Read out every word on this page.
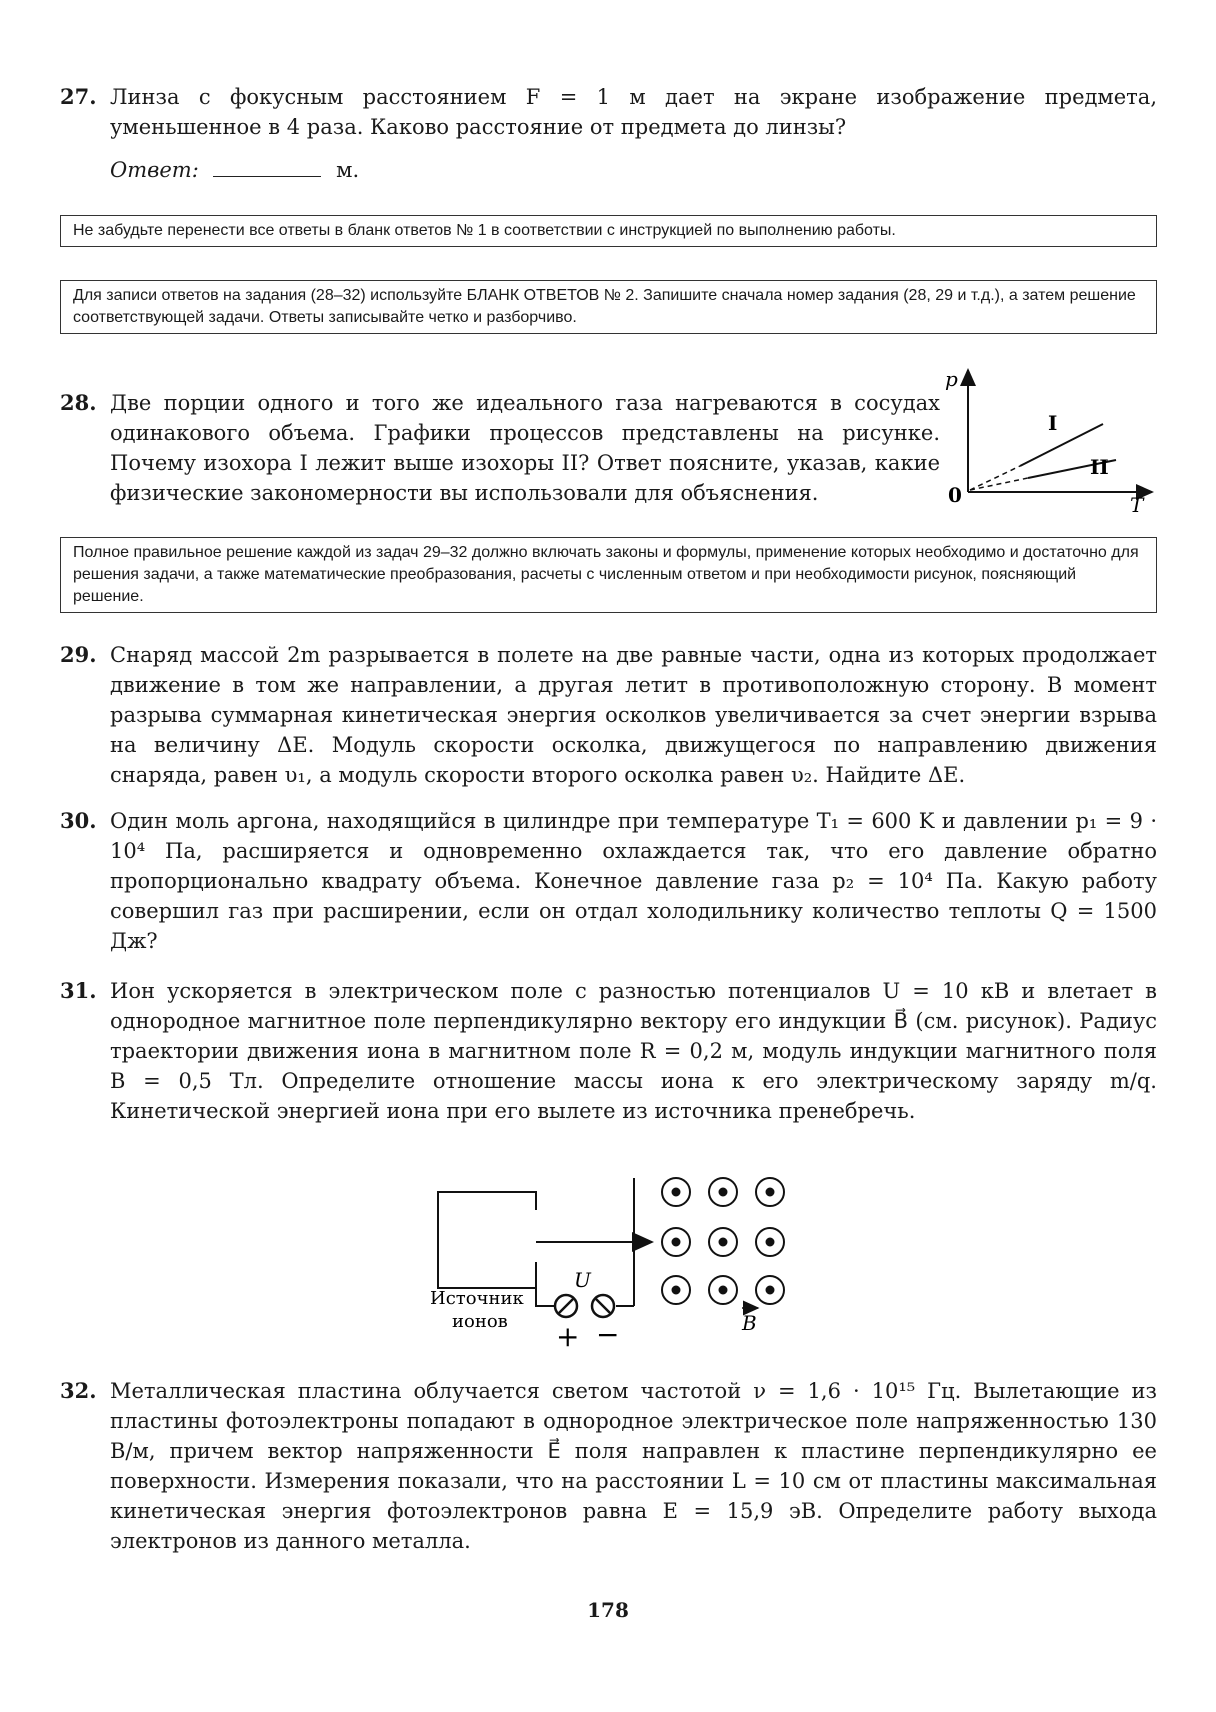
27. Линза с фокусным расстоянием F = 1 м дает на экране изображение предмета, уменьшенное в 4 раза. Каково расстояние от предмета до линзы?

Ответ:	м.
Не забудьте перенести все ответы в бланк ответов № 1 в соответствии с инструкцией по выполнению работы.
Для записи ответов на задания (28–32) используйте БЛАНК ОТВЕТОВ № 2. Запишите сначала номер задания (28, 29 и т.д.), а затем решение соответствующей задачи. Ответы записывайте четко и разборчиво.
28. Две порции одного и того же идеального газа нагреваются в сосудах одинакового объема. Графики процессов представлены на рисунке. Почему изохора I лежит выше изохоры II? Ответ поясните, указав, какие физические закономерности вы использовали для объяснения.

p
T
0
I
II
Полное правильное решение каждой из задач 29–32 должно включать законы и формулы, применение которых необходимо и достаточно для решения задачи, а также математические преобразования, расчеты с численным ответом и при необходимости рисунок, поясняющий решение.
29. Снаряд массой 2m разрывается в полете на две равные части, одна из которых продолжает движение в том же направлении, а другая летит в противоположную сторону. В момент разрыва суммарная кинетическая энергия осколков увеличивается за счет энергии взрыва на величину ΔE. Модуль скорости осколка, движущегося по направлению движения снаряда, равен υ₁, а модуль скорости второго осколка равен υ₂. Найдите ΔE.

30. Один моль аргона, находящийся в цилиндре при температуре T₁ = 600 K и давлении p₁ = 9 · 10⁴ Па, расширяется и одновременно охлаждается так, что его давление обратно пропорционально квадрату объема. Конечное давление газа p₂ = 10⁴ Па. Какую работу совершил газ при расширении, если он отдал холодильнику количество теплоты Q = 1500 Дж?

31. Ион ускоряется в электрическом поле с разностью потенциалов U = 10 кВ и влетает в однородное магнитное поле перпендикулярно вектору его индукции B⃗ (см. рисунок). Радиус траектории движения иона в магнитном поле R = 0,2 м, модуль индукции магнитного поля B = 0,5 Тл. Определите отношение массы иона к его электрическому заряду m/q. Кинетической энергией иона при его вылете из источника пренебречь.

U
+ −
Источник
ионов	B
32. Металлическая пластина облучается светом частотой ν = 1,6 · 10¹⁵ Гц. Вылетающие из пластины фотоэлектроны попадают в однородное электрическое поле напряженностью 130 В/м, причем вектор напряженности E⃗ поля направлен к пластине перпендикулярно ее поверхности. Измерения показали, что на расстоянии L = 10 см от пластины максимальная кинетическая энергия фотоэлектронов равна E = 15,9 эВ. Определите работу выхода электронов из данного металла.

178
